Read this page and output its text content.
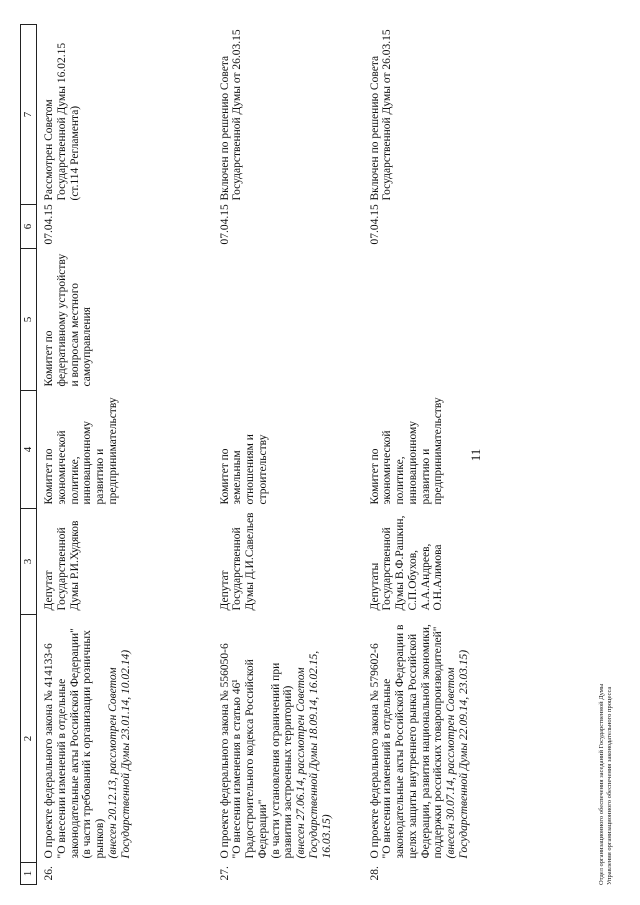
11
1	2	3	4	5	6	7
26.	О проекте федерального закона № 414133-6 "О внесении изменений в отдельные законодательные акты Российской Федерации" (в части требований к организации розничных рынков) (внесен 20.12.13, рассмотрен Советом Государственной Думы 23.01.14, 10.02.14)	Депутат Государственной Думы Р.И.Худяков	Комитет по экономической политике, инновационному развитию и предпринимательству	Комитет по федеративному устройству и вопросам местного самоуправления	07.04.15	Рассмотрен Советом Государственной Думы 16.02.15 (ст.114 Регламента)
27.	О проекте федерального закона № 556050-6 "О внесении изменения в статью 46¹ Градостроительного кодекса Российской Федерации" (в части установления ограничений при развитии застроенных территорий) (внесен 27.06.14, рассмотрен Советом Государственной Думы 18.09.14, 16.02.15, 16.03.15)	Депутат Государственной Думы Д.И.Савельев	Комитет по земельным отношениям и строительству		07.04.15	Включен по решению Совета Государственной Думы от 26.03.15
28.	О проекте федерального закона № 579602-6 "О внесении изменений в отдельные законодательные акты Российской Федерации в целях защиты внутреннего рынка Российской Федерации, развития национальной экономики, поддержки российских товаропроизводителей" (внесен 30.07.14, рассмотрен Советом Государственной Думы 22.09.14, 23.03.15)	Депутаты Государственной Думы В.Ф.Рашкин, С.П.Обухов, А.А.Андреев, О.Н.Алимова	Комитет по экономической политике, инновационному развитию и предпринимательству		07.04.15	Включен по решению Совета Государственной Думы от 26.03.15
Отдел организационного обеспечения заседаний Государственной Думы Управления организационного обеспечения законодательного процесса
